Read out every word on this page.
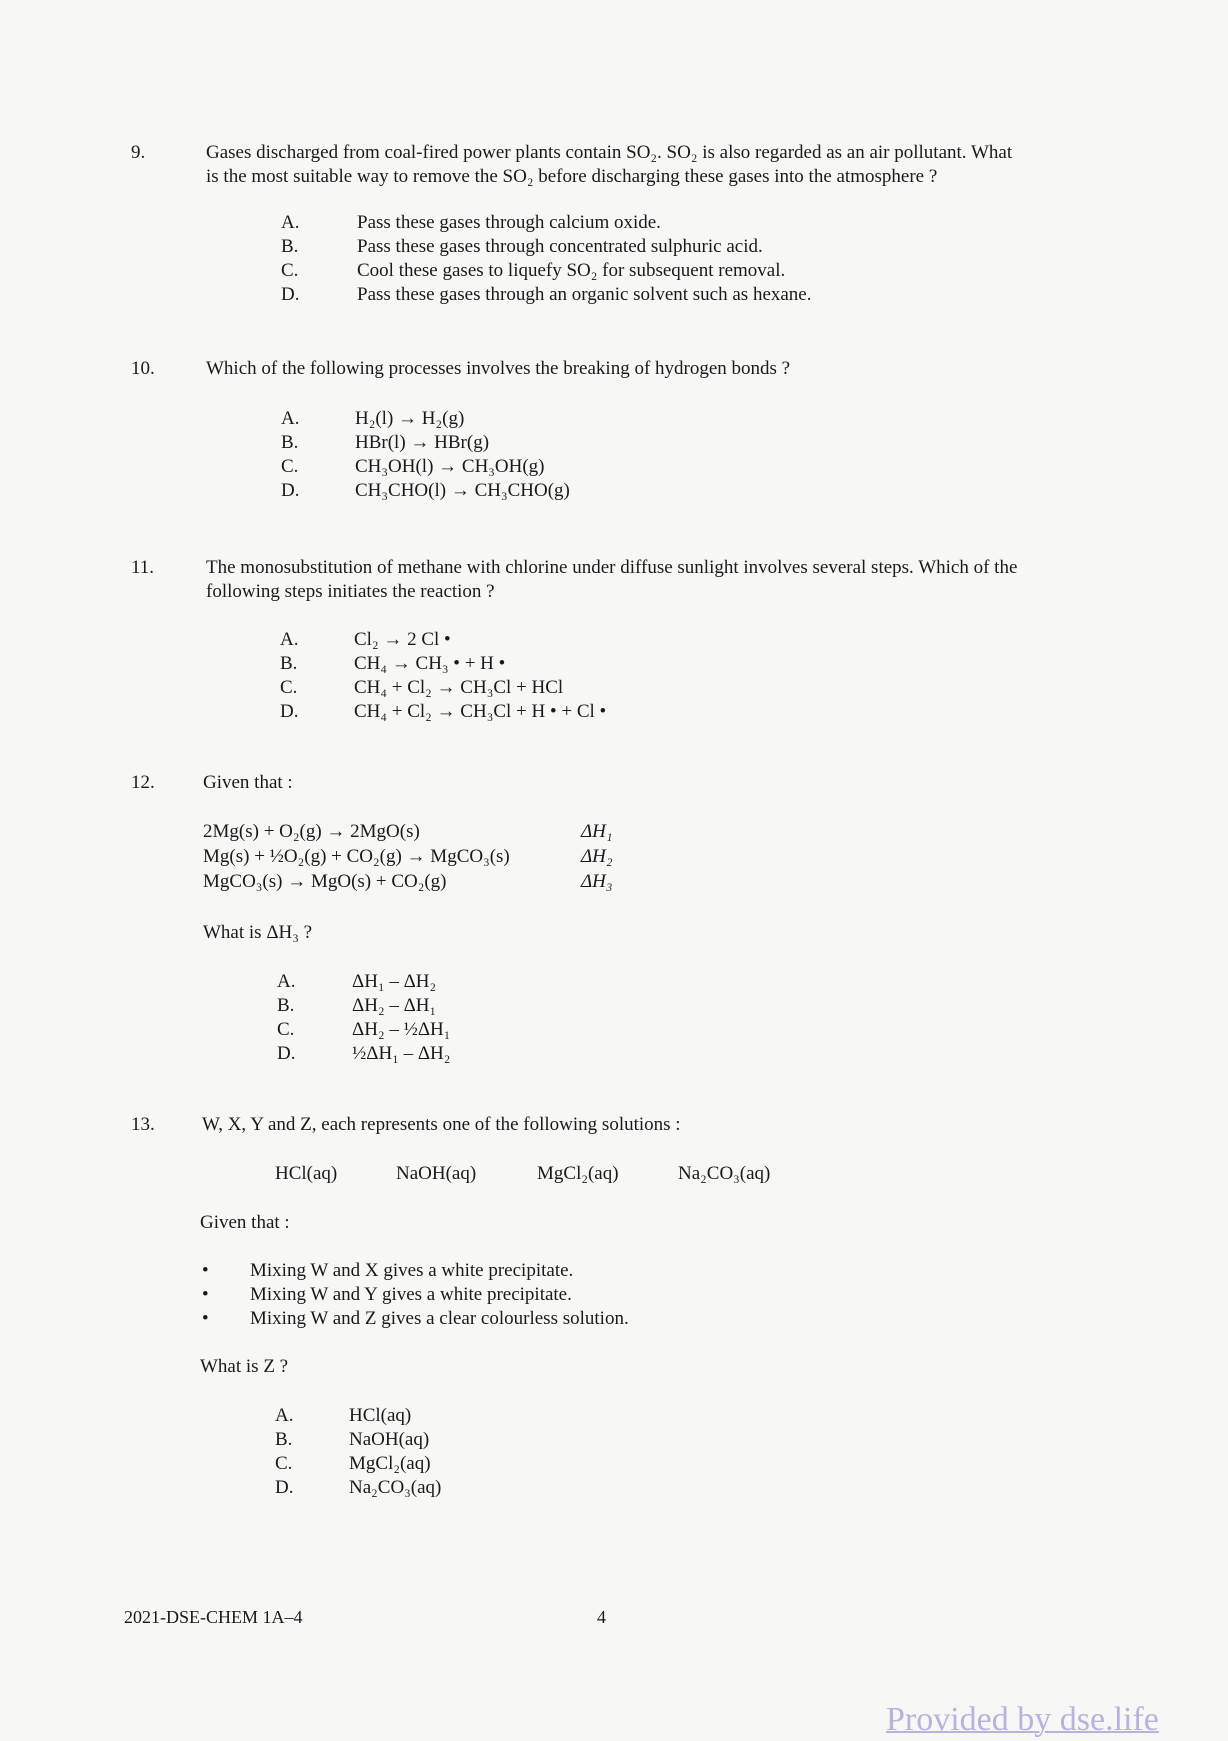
9.	Gases discharged from coal-fired power plants contain SO₂. SO₂ is also regarded as an air pollutant. What
is the most suitable way to remove the SO₂ before discharging these gases into the atmosphere ?
A.	Pass these gases through calcium oxide.
B.	Pass these gases through concentrated sulphuric acid.
C.	Cool these gases to liquefy SO₂ for subsequent removal.
D.	Pass these gases through an organic solvent such as hexane.
10.	Which of the following processes involves the breaking of hydrogen bonds ?
A.	H₂(l) → H₂(g)
B.	HBr(l) → HBr(g)
C.	CH₃OH(l) → CH₃OH(g)
D.	CH₃CHO(l) → CH₃CHO(g)
11.	The monosubstitution of methane with chlorine under diffuse sunlight involves several steps. Which of the
following steps initiates the reaction ?
A.	Cl₂ → 2 Cl •
B.	CH₄ → CH₃ • + H •
C.	CH₄ + Cl₂ → CH₃Cl + HCl
D.	CH₄ + Cl₂ → CH₃Cl + H • + Cl •
12.	Given that :
2Mg(s) + O₂(g) → 2MgO(s)	ΔH₁
Mg(s) + ½O₂(g) + CO₂(g) → MgCO₃(s)	ΔH₂
MgCO₃(s) → MgO(s) + CO₂(g)	ΔH₃
What is ΔH₃ ?
A.	ΔH₁ – ΔH₂
B.	ΔH₂ – ΔH₁
C.	ΔH₂ – ½ΔH₁
D.	½ΔH₁ – ΔH₂
13. W, X, Y and Z, each represents one of the following solutions :
HCl(aq)	NaOH(aq)	MgCl₂(aq)	Na₂CO₃(aq)
Given that :
• Mixing W and X gives a white precipitate.
• Mixing W and Y gives a white precipitate.
• Mixing W and Z gives a clear colourless solution.
What is Z ?
A.	HCl(aq)
B.	NaOH(aq)
C.	MgCl₂(aq)
D.	Na₂CO₃(aq)
2021-DSE-CHEM 1A–4	4
Provided by dse.life
